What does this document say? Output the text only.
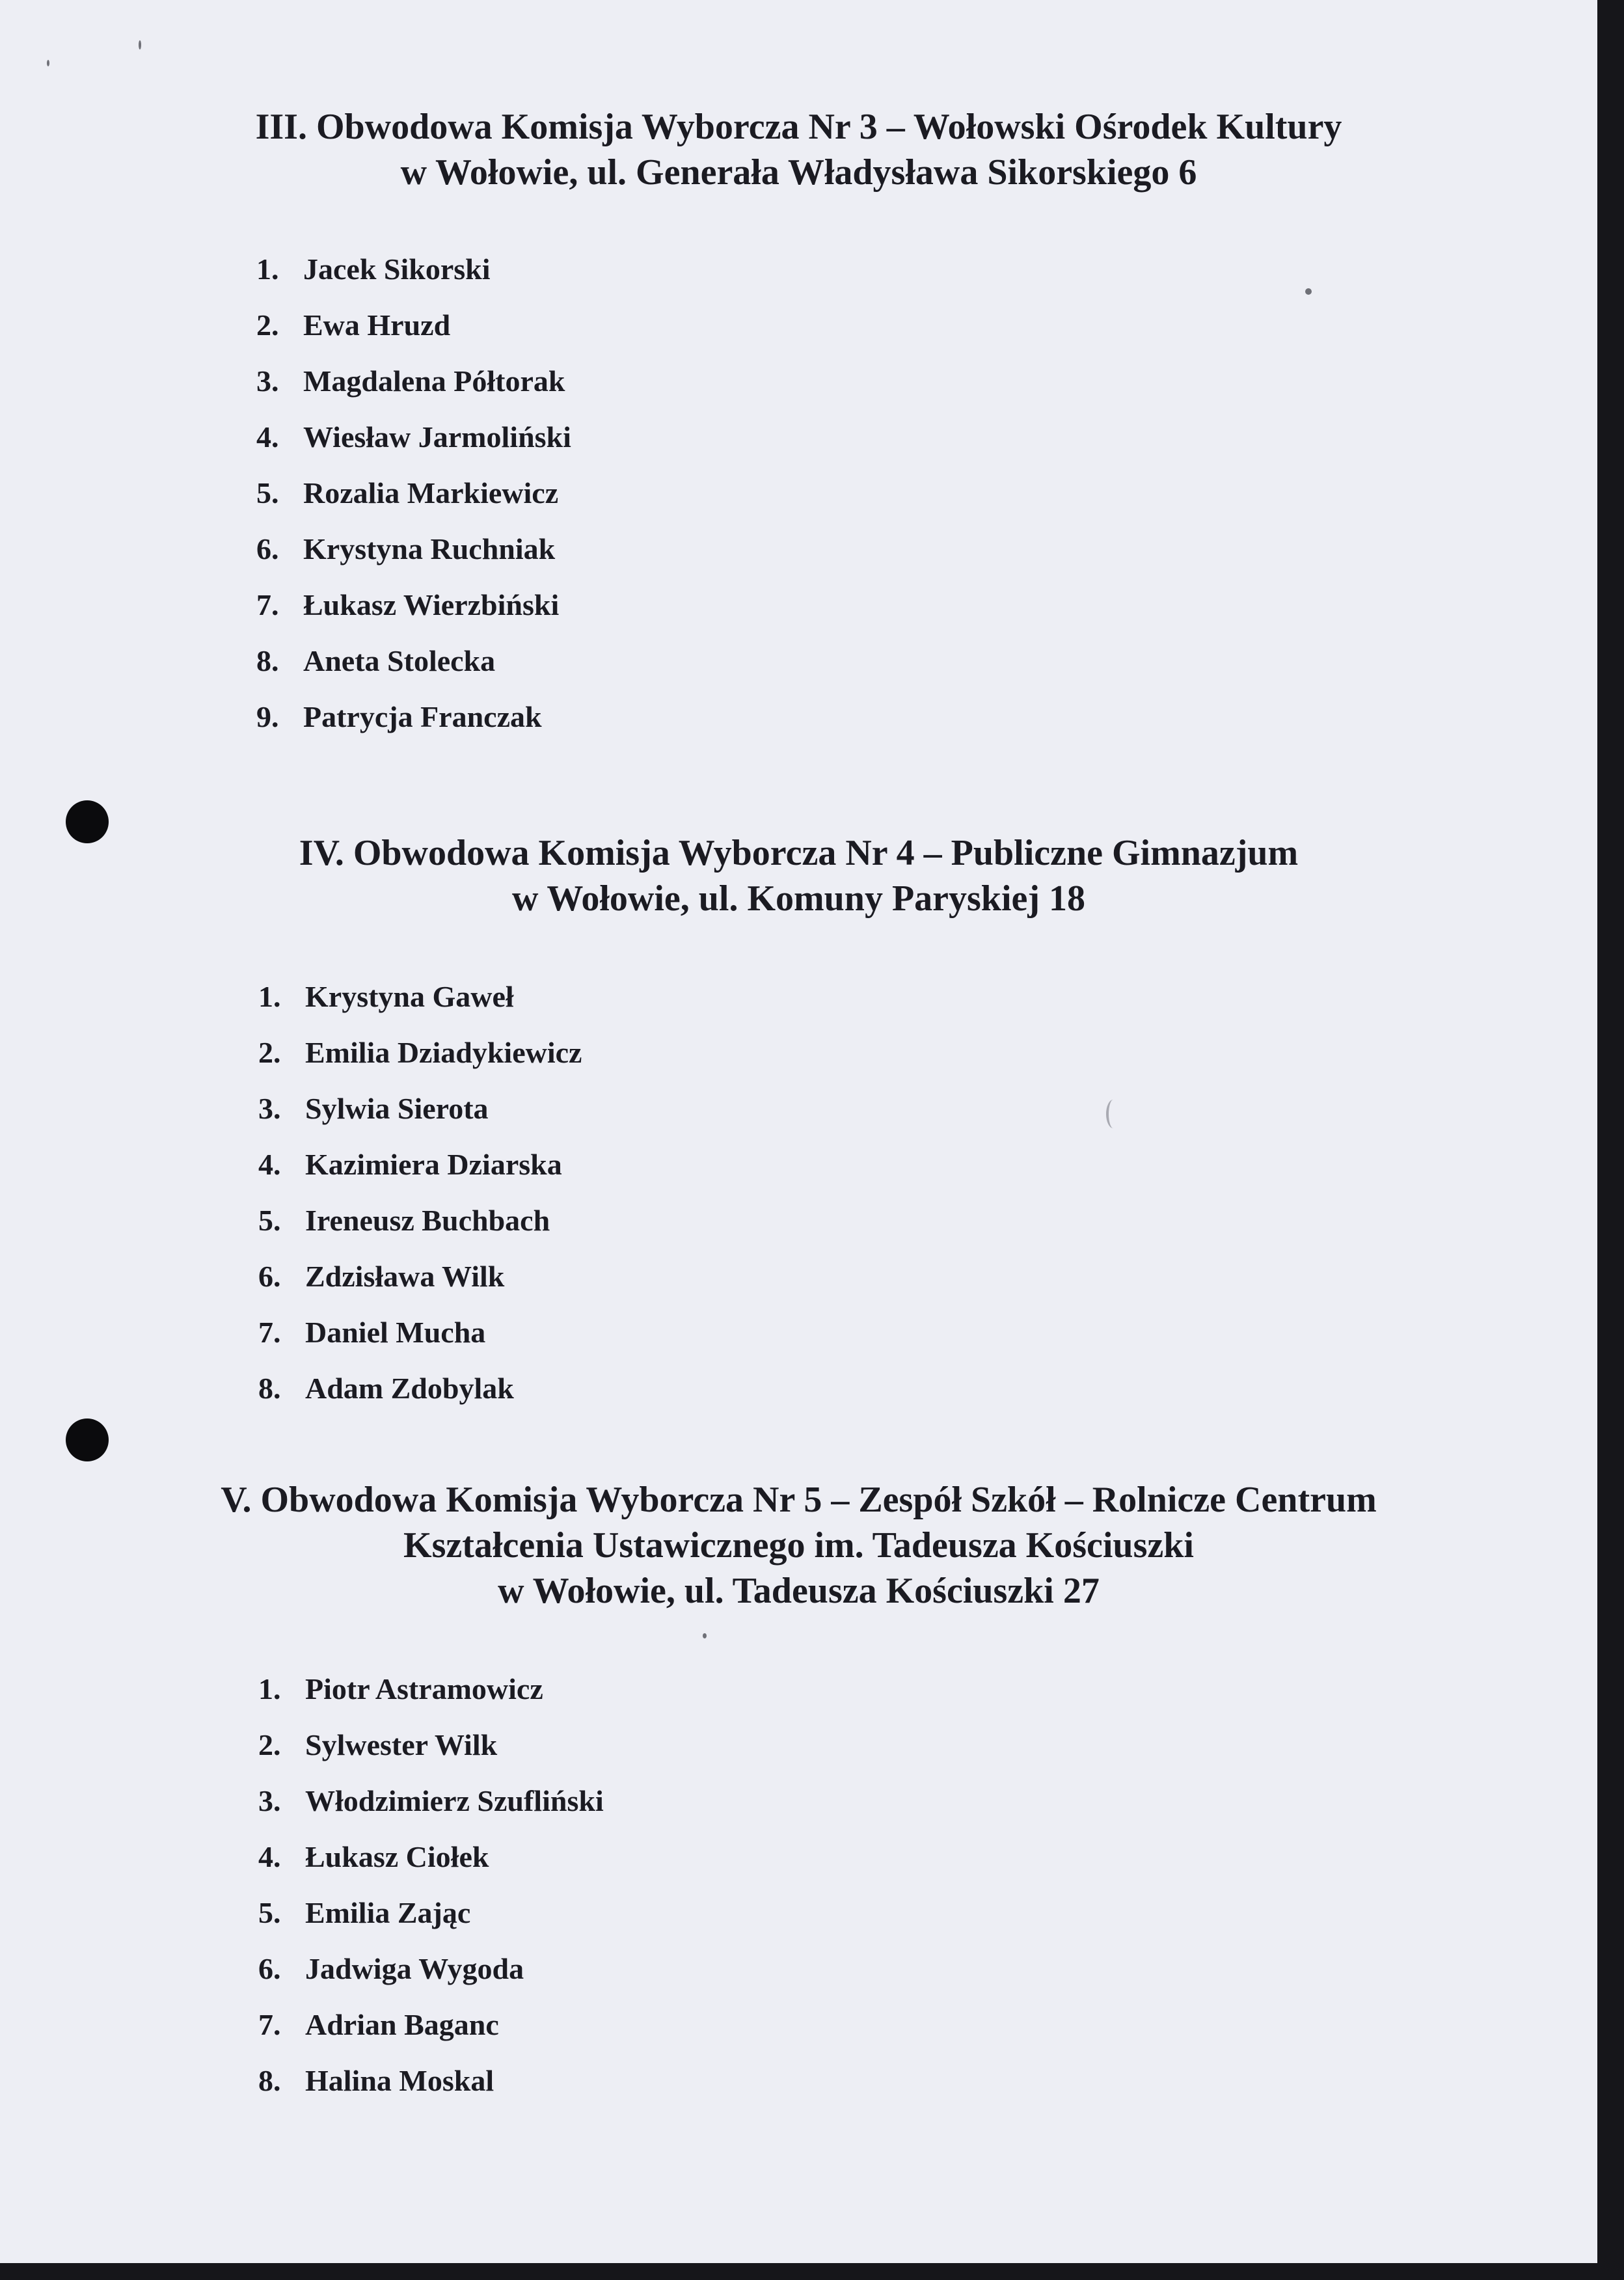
III. Obwodowa Komisja Wyborcza Nr 3 – Wołowski Ośrodek Kultury
w Wołowie, ul. Generała Władysława Sikorskiego 6
1. Jacek Sikorski
2. Ewa Hruzd
3. Magdalena Półtorak
4. Wiesław Jarmoliński
5. Rozalia Markiewicz
6. Krystyna Ruchniak
7. Łukasz Wierzbiński
8. Aneta Stolecka
9. Patrycja Franczak
IV. Obwodowa Komisja Wyborcza Nr 4 – Publiczne Gimnazjum
w Wołowie, ul. Komuny Paryskiej 18
1. Krystyna Gaweł
2. Emilia Dziadykiewicz
3. Sylwia Sierota
4. Kazimiera Dziarska
5. Ireneusz Buchbach
6. Zdzisława Wilk
7. Daniel Mucha
8. Adam Zdobylak
V. Obwodowa Komisja Wyborcza Nr 5 – Zespół Szkół – Rolnicze Centrum
Kształcenia Ustawicznego im. Tadeusza Kościuszki
w Wołowie, ul. Tadeusza Kościuszki 27
1. Piotr Astramowicz
2. Sylwester Wilk
3. Włodzimierz Szufliński
4. Łukasz Ciołek
5. Emilia Zając
6. Jadwiga Wygoda
7. Adrian Baganc
8. Halina Moskal
